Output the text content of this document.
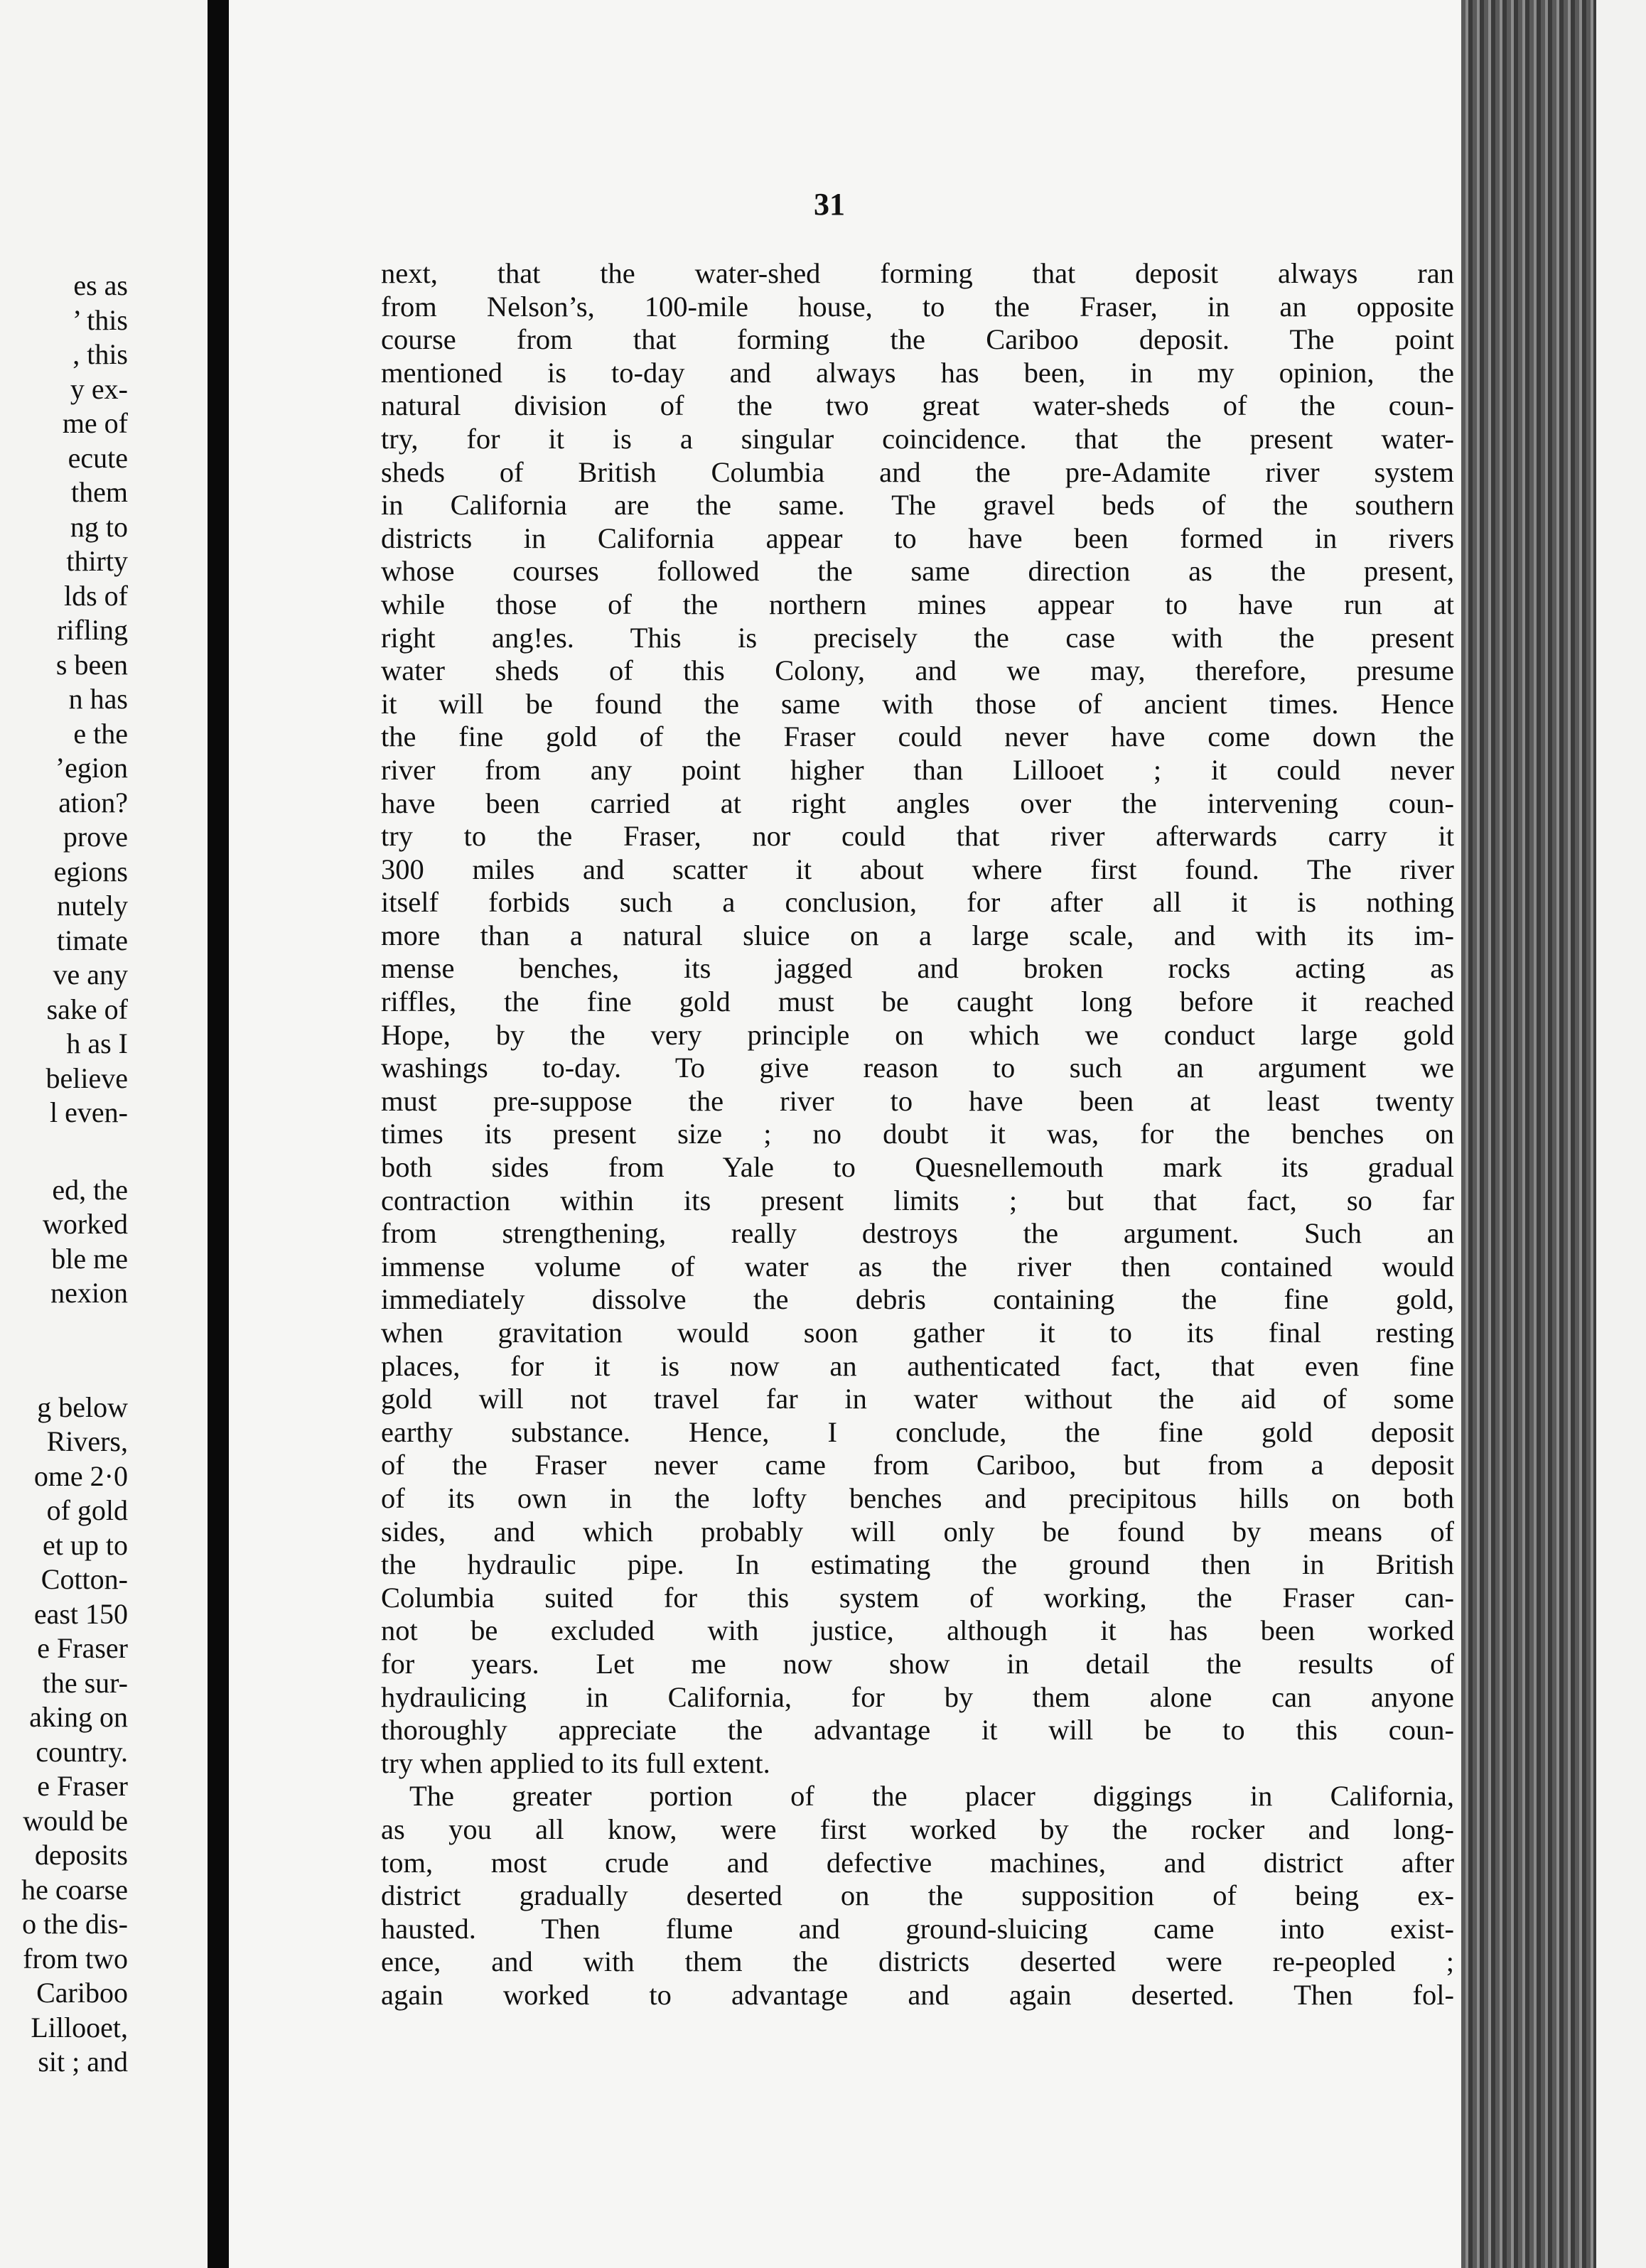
es as
’ this
, this
y ex-
me of
ecute
them
ng to
thirty
lds of
rifling
s been
n has
e the
’egion
ation?
prove
egions
nutely
timate
ve any
sake of
h as I
believe
l even-
ed, the
worked
ble me
nexion
g below
Rivers,
ome 2·0
of gold
et up to
Cotton-
east 150
e Fraser
the sur-
aking on
country.
e Fraser
would be
deposits
he coarse
o the dis-
from two
Cariboo
Lillooet,
sit ; and
31
next, that the water-shed forming that deposit always ran
from Nelson’s, 100-mile house, to the Fraser, in an opposite
course from that forming the Cariboo deposit. The point
mentioned is to-day and always has been, in my opinion, the
natural division of the two great water-sheds of the coun-
try, for it is a singular coincidence. that the present water-
sheds of British Columbia and the pre-Adamite river system
in California are the same. The gravel beds of the southern
districts in California appear to have been formed in rivers
whose courses followed the same direction as the present,
while those of the northern mines appear to have run at
right ang!es. This is precisely the case with the present
water sheds of this Colony, and we may, therefore, presume
it will be found the same with those of ancient times. Hence
the fine gold of the Fraser could never have come down the
river from any point higher than Lillooet ; it could never
have been carried at right angles over the intervening coun-
try to the Fraser, nor could that river afterwards carry it
300 miles and scatter it about where first found. The river
itself forbids such a conclusion, for after all it is nothing
more than a natural sluice on a large scale, and with its im-
mense benches, its jagged and broken rocks acting as
riffles, the fine gold must be caught long before it reached
Hope, by the very principle on which we conduct large gold
washings to-day. To give reason to such an argument we
must pre-suppose the river to have been at least twenty
times its present size ; no doubt it was, for the benches on
both sides from Yale to Quesnellemouth mark its gradual
contraction within its present limits ; but that fact, so far
from strengthening, really destroys the argument. Such an
immense volume of water as the river then contained would
immediately dissolve the debris containing the fine gold,
when gravitation would soon gather it to its final resting
places, for it is now an authenticated fact, that even fine
gold will not travel far in water without the aid of some
earthy substance. Hence, I conclude, the fine gold deposit
of the Fraser never came from Cariboo, but from a deposit
of its own in the lofty benches and precipitous hills on both
sides, and which probably will only be found by means of
the hydraulic pipe. In estimating the ground then in British
Columbia suited for this system of working, the Fraser can-
not be excluded with justice, although it has been worked
for years. Let me now show in detail the results of
hydraulicing in California, for by them alone can anyone
thoroughly appreciate the advantage it will be to this coun-
try when applied to its full extent.
The greater portion of the placer diggings in California,
as you all know, were first worked by the rocker and long-
tom, most crude and defective machines, and district after
district gradually deserted on the supposition of being ex-
hausted. Then flume and ground-sluicing came into exist-
ence, and with them the districts deserted were re-peopled ;
again worked to advantage and again deserted. Then fol-
